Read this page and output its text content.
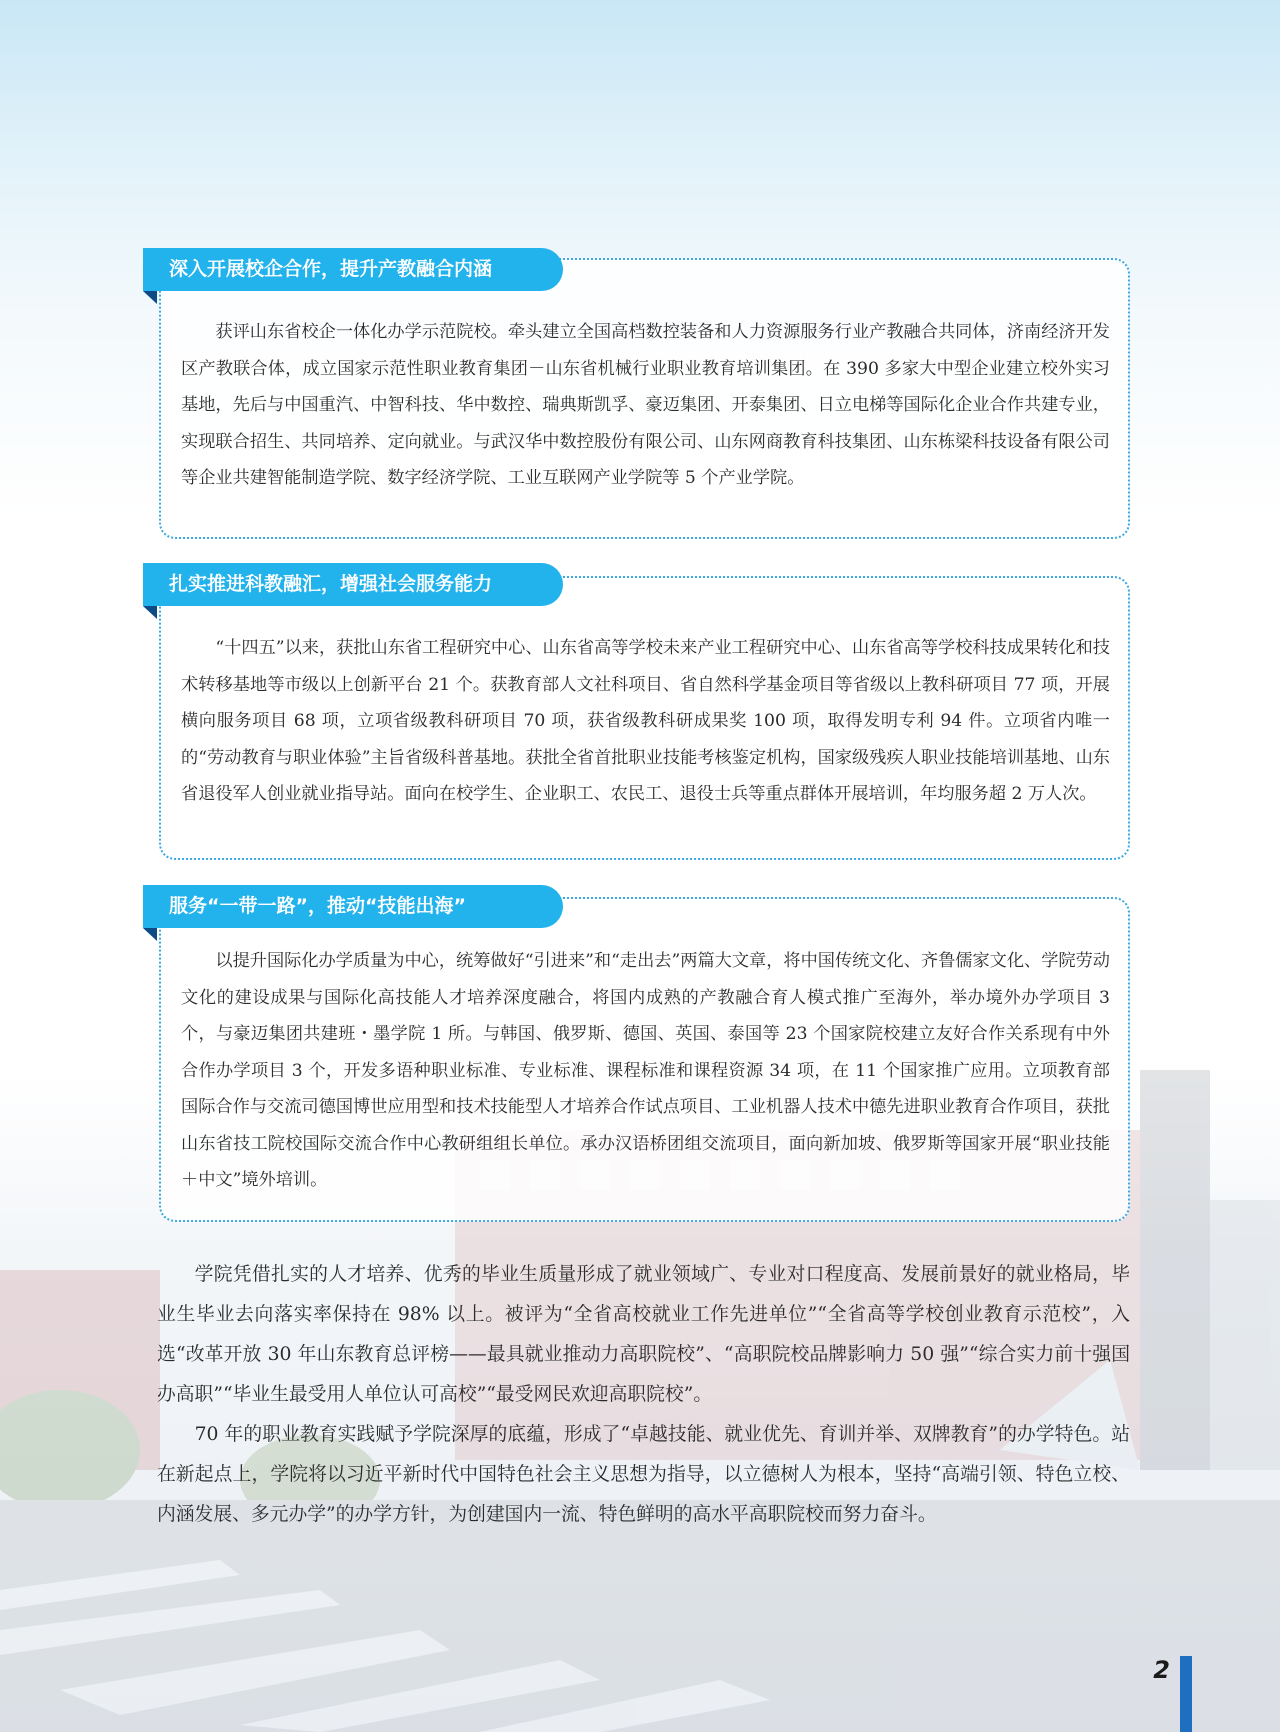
深入开展校企合作，提升产教融合内涵

获评山东省校企一体化办学示范院校。牵头建立全国高档数控装备和人力资源服务行业产教融合共同体，济南经济开发区产教联合体，成立国家示范性职业教育集团－山东省机械行业职业教育培训集团。在 390 多家大中型企业建立校外实习基地，先后与中国重汽、中智科技、华中数控、瑞典斯凯孚、豪迈集团、开泰集团、日立电梯等国际化企业合作共建专业，实现联合招生、共同培养、定向就业。与武汉华中数控股份有限公司、山东网商教育科技集团、山东栋梁科技设备有限公司等企业共建智能制造学院、数字经济学院、工业互联网产业学院等 5 个产业学院。

扎实推进科教融汇，增强社会服务能力

“十四五”以来，获批山东省工程研究中心、山东省高等学校未来产业工程研究中心、山东省高等学校科技成果转化和技术转移基地等市级以上创新平台 21 个。获教育部人文社科项目、省自然科学基金项目等省级以上教科研项目 77 项，开展横向服务项目 68 项，立项省级教科研项目 70 项，获省级教科研成果奖 100 项，取得发明专利 94 件。立项省内唯一的“劳动教育与职业体验”主旨省级科普基地。获批全省首批职业技能考核鉴定机构，国家级残疾人职业技能培训基地、山东省退役军人创业就业指导站。面向在校学生、企业职工、农民工、退役士兵等重点群体开展培训，年均服务超 2 万人次。

服务“一带一路”，推动“技能出海”

以提升国际化办学质量为中心，统筹做好“引进来”和“走出去”两篇大文章，将中国传统文化、齐鲁儒家文化、学院劳动文化的建设成果与国际化高技能人才培养深度融合，将国内成熟的产教融合育人模式推广至海外，举办境外办学项目 3 个，与豪迈集团共建班・墨学院 1 所。与韩国、俄罗斯、德国、英国、泰国等 23 个国家院校建立友好合作关系现有中外合作办学项目 3 个，开发多语种职业标准、专业标准、课程标准和课程资源 34 项，在 11 个国家推广应用。立项教育部国际合作与交流司德国博世应用型和技术技能型人才培养合作试点项目、工业机器人技术中德先进职业教育合作项目，获批山东省技工院校国际交流合作中心教研组组长单位。承办汉语桥团组交流项目，面向新加坡、俄罗斯等国家开展“职业技能＋中文”境外培训。

学院凭借扎实的人才培养、优秀的毕业生质量形成了就业领域广、专业对口程度高、发展前景好的就业格局，毕业生毕业去向落实率保持在 98% 以上。被评为“全省高校就业工作先进单位”“全省高等学校创业教育示范校”，入选“改革开放 30 年山东教育总评榜——最具就业推动力高职院校”、“高职院校品牌影响力 50 强”“综合实力前十强国办高职”“毕业生最受用人单位认可高校”“最受网民欢迎高职院校”。

70 年的职业教育实践赋予学院深厚的底蕴，形成了“卓越技能、就业优先、育训并举、双牌教育”的办学特色。站在新起点上，学院将以习近平新时代中国特色社会主义思想为指导，以立德树人为根本，坚持“高端引领、特色立校、内涵发展、多元办学”的办学方针，为创建国内一流、特色鲜明的高水平高职院校而努力奋斗。

2
